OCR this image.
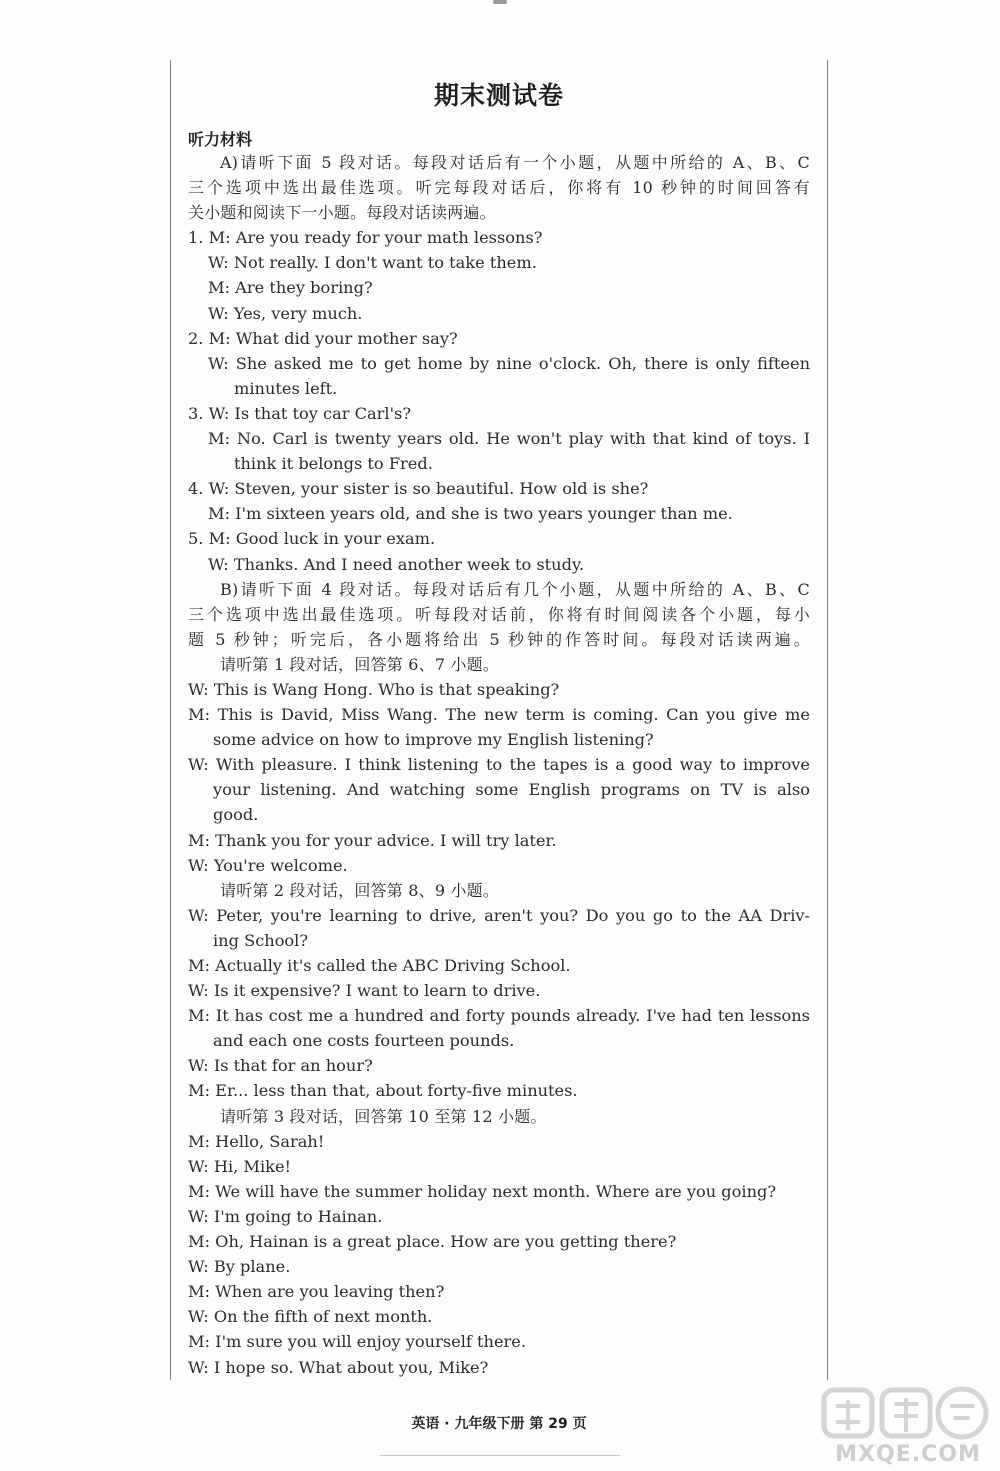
期末测试卷
听力材料
A)请听下面 5 段对话。每段对话后有一个小题，从题中所给的 A、B、C
三个选项中选出最佳选项。听完每段对话后，你将有 10 秒钟的时间回答有
关小题和阅读下一小题。每段对话读两遍。
1. M: Are you ready for your math lessons?
W: Not really. I don't want to take them.
M: Are they boring?
W: Yes, very much.
2. M: What did your mother say?
W: She asked me to get home by nine o'clock. Oh, there is only fifteen
minutes left.
3. W: Is that toy car Carl's?
M: No. Carl is twenty years old. He won't play with that kind of toys. I
think it belongs to Fred.
4. W: Steven, your sister is so beautiful. How old is she?
M: I'm sixteen years old, and she is two years younger than me.
5. M: Good luck in your exam.
W: Thanks. And I need another week to study.
B)请听下面 4 段对话。每段对话后有几个小题，从题中所给的 A、B、C
三个选项中选出最佳选项。听每段对话前，你将有时间阅读各个小题，每小
题 5 秒钟；听完后，各小题将给出 5 秒钟的作答时间。每段对话读两遍。
请听第 1 段对话，回答第 6、7 小题。
W: This is Wang Hong. Who is that speaking?
M: This is David, Miss Wang. The new term is coming. Can you give me
some advice on how to improve my English listening?
W: With pleasure. I think listening to the tapes is a good way to improve
your listening. And watching some English programs on TV is also
good.
M: Thank you for your advice. I will try later.
W: You're welcome.
请听第 2 段对话，回答第 8、9 小题。
W: Peter, you're learning to drive, aren't you? Do you go to the AA Driv-
ing School?
M: Actually it's called the ABC Driving School.
W: Is it expensive? I want to learn to drive.
M: It has cost me a hundred and forty pounds already. I've had ten lessons
and each one costs fourteen pounds.
W: Is that for an hour?
M: Er... less than that, about forty-five minutes.
请听第 3 段对话，回答第 10 至第 12 小题。
M: Hello, Sarah!
W: Hi, Mike!
M: We will have the summer holiday next month. Where are you going?
W: I'm going to Hainan.
M: Oh, Hainan is a great place. How are you getting there?
W: By plane.
M: When are you leaving then?
W: On the fifth of next month.
M: I'm sure you will enjoy yourself there.
W: I hope so. What about you, Mike?
英语 · 九年级下册 第 29 页
MXQE.COM
